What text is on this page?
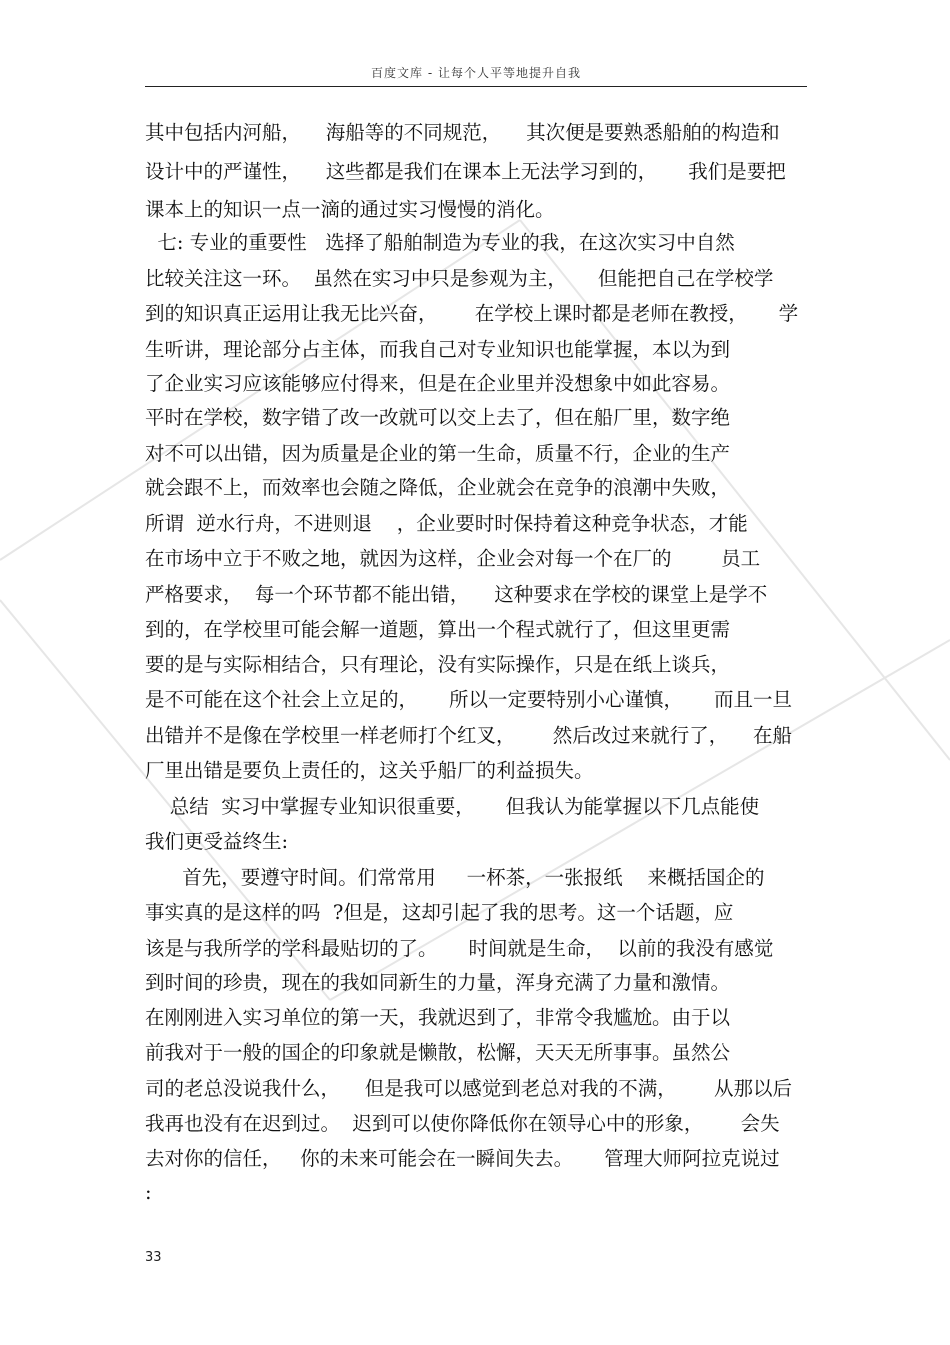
百度文库 - 让每个人平等地提升自我
其中包括内河船，    海船等的不同规范，    其次便是要熟悉船舶的构造和
设计中的严谨性，    这些都是我们在课本上无法学习到的，     我们是要把
课本上的知识一点一滴的通过实习慢慢的消化。
七: 专业的重要性   选择了船舶制造为专业的我，在这次实习中自然
比较关注这一环。  虽然在实习中只是参观为主，     但能把自己在学校学
到的知识真正运用让我无比兴奋，      在学校上课时都是老师在教授，     学
生听讲，理论部分占主体，而我自己对专业知识也能掌握，本以为到
了企业实习应该能够应付得来，但是在企业里并没想象中如此容易。
平时在学校，数字错了改一改就可以交上去了，但在船厂里，数字绝
对不可以出错，因为质量是企业的第一生命，质量不行，企业的生产
就会跟不上，而效率也会随之降低，企业就会在竞争的浪潮中失败，
所谓  逆水行舟，不进则退    ，企业要时时保持着这种竞争状态，才能
在市场中立于不败之地，就因为这样，企业会对每一个在厂的        员工
严格要求，  每一个环节都不能出错，    这种要求在学校的课堂上是学不
到的，在学校里可能会解一道题，算出一个程式就行了，但这里更需
要的是与实际相结合，只有理论，没有实际操作，只是在纸上谈兵，
是不可能在这个社会上立足的，     所以一定要特别小心谨慎，     而且一旦
出错并不是像在学校里一样老师打个红叉，      然后改过来就行了，    在船
厂里出错是要负上责任的，这关乎船厂的利益损失。
总结  实习中掌握专业知识很重要，     但我认为能掌握以下几点能使
我们更受益终生:
首先，要遵守时间。们常常用     一杯茶，一张报纸    来概括国企的
事实真的是这样的吗  ?但是，这却引起了我的思考。这一个话题，应
该是与我所学的学科最贴切的了。     时间就是生命，  以前的我没有感觉
到时间的珍贵，现在的我如同新生的力量，浑身充满了力量和激情。
在刚刚进入实习单位的第一天，我就迟到了，非常令我尴尬。由于以
前我对于一般的国企的印象就是懒散，松懈，天天无所事事。虽然公
司的老总没说我什么，    但是我可以感觉到老总对我的不满，      从那以后
我再也没有在迟到过。  迟到可以使你降低你在领导心中的形象，      会失
去对你的信任，   你的未来可能会在一瞬间失去。     管理大师阿拉克说过
:
33
